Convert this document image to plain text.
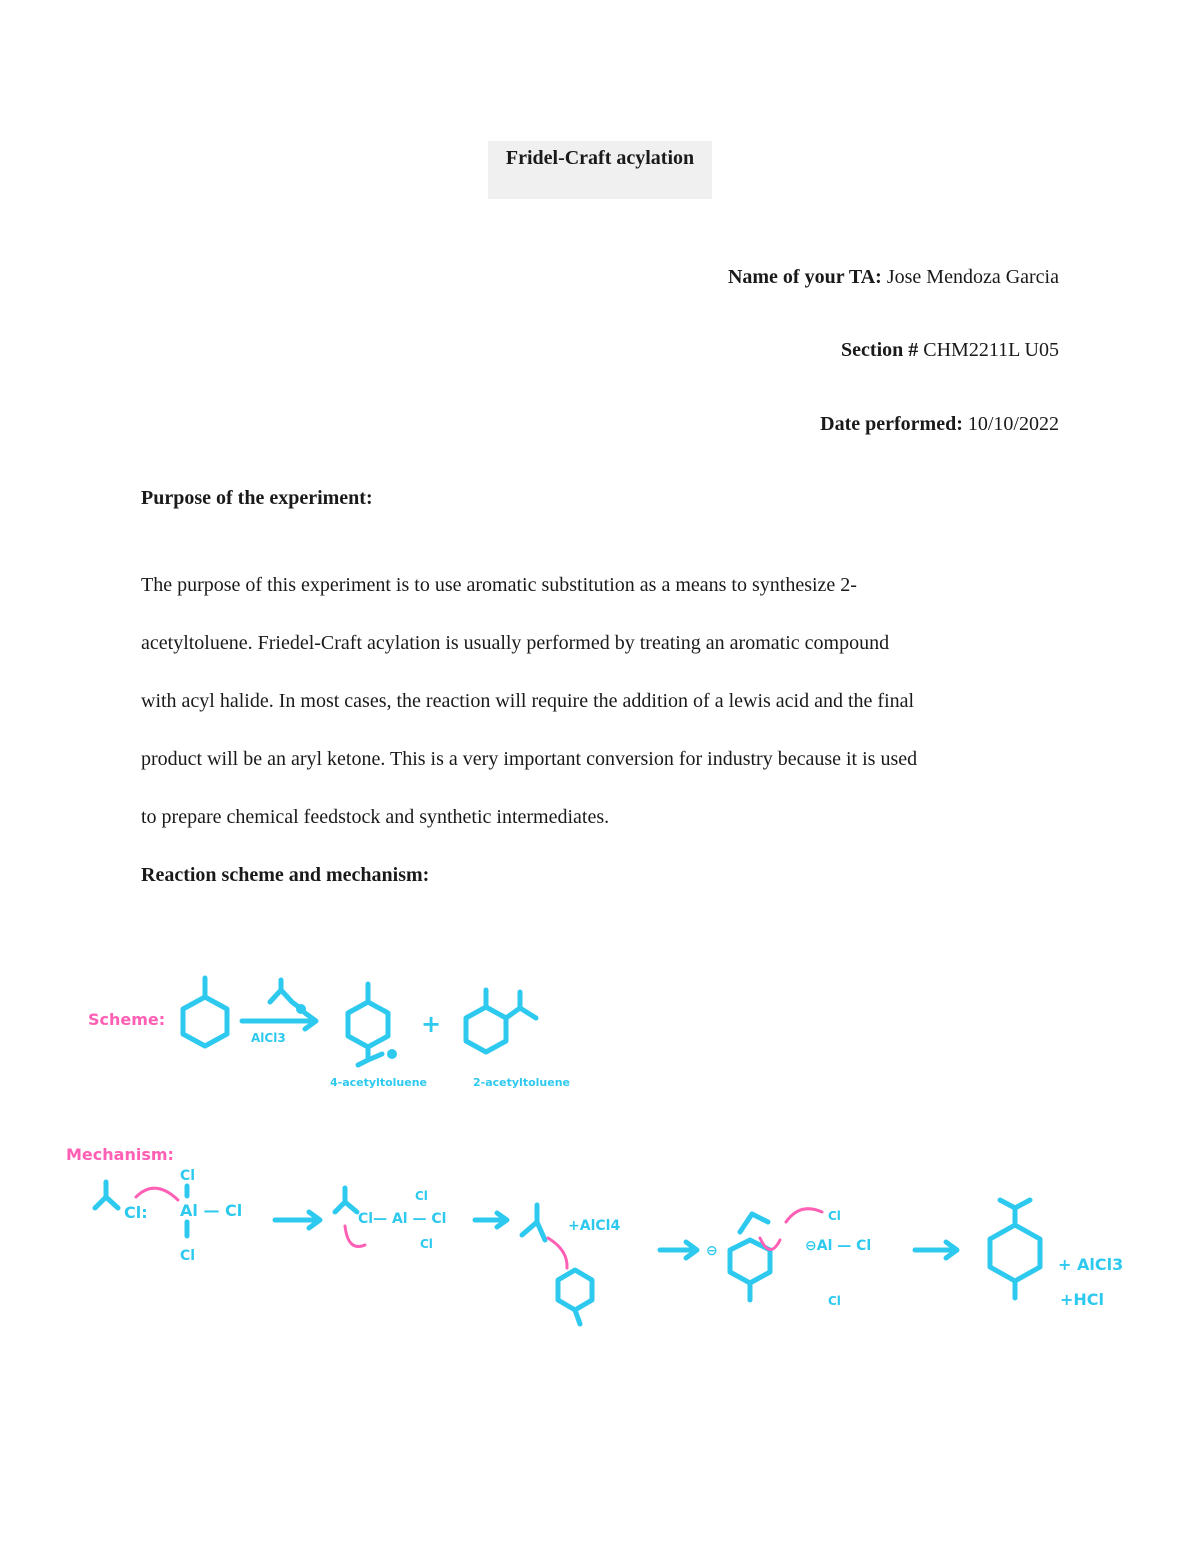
Fridel-Craft acylation
Name of your TA: Jose Mendoza Garcia
Section # CHM2211L U05
Date performed: 10/10/2022
Purpose of the experiment:
The purpose of this experiment is to use aromatic substitution as a means to synthesize 2-
acetyltoluene. Friedel-Craft acylation is usually performed by treating an aromatic compound
with acyl halide. In most cases, the reaction will require the addition of a lewis acid and the final
product will be an aryl ketone. This is a very important conversion for industry because it is used
to prepare chemical feedstock and synthetic intermediates.
Reaction scheme and mechanism:
Scheme:
AlCl3
4-acetyltoluene
+
2-acetyltoluene
Mechanism:
Cl: Al — Cl
Cl
Cl
Cl— Al — Cl
Cl
Cl
+AlCl4
⊖	⊖Al — Cl
Cl
Cl
+ AlCl3
+HCl
